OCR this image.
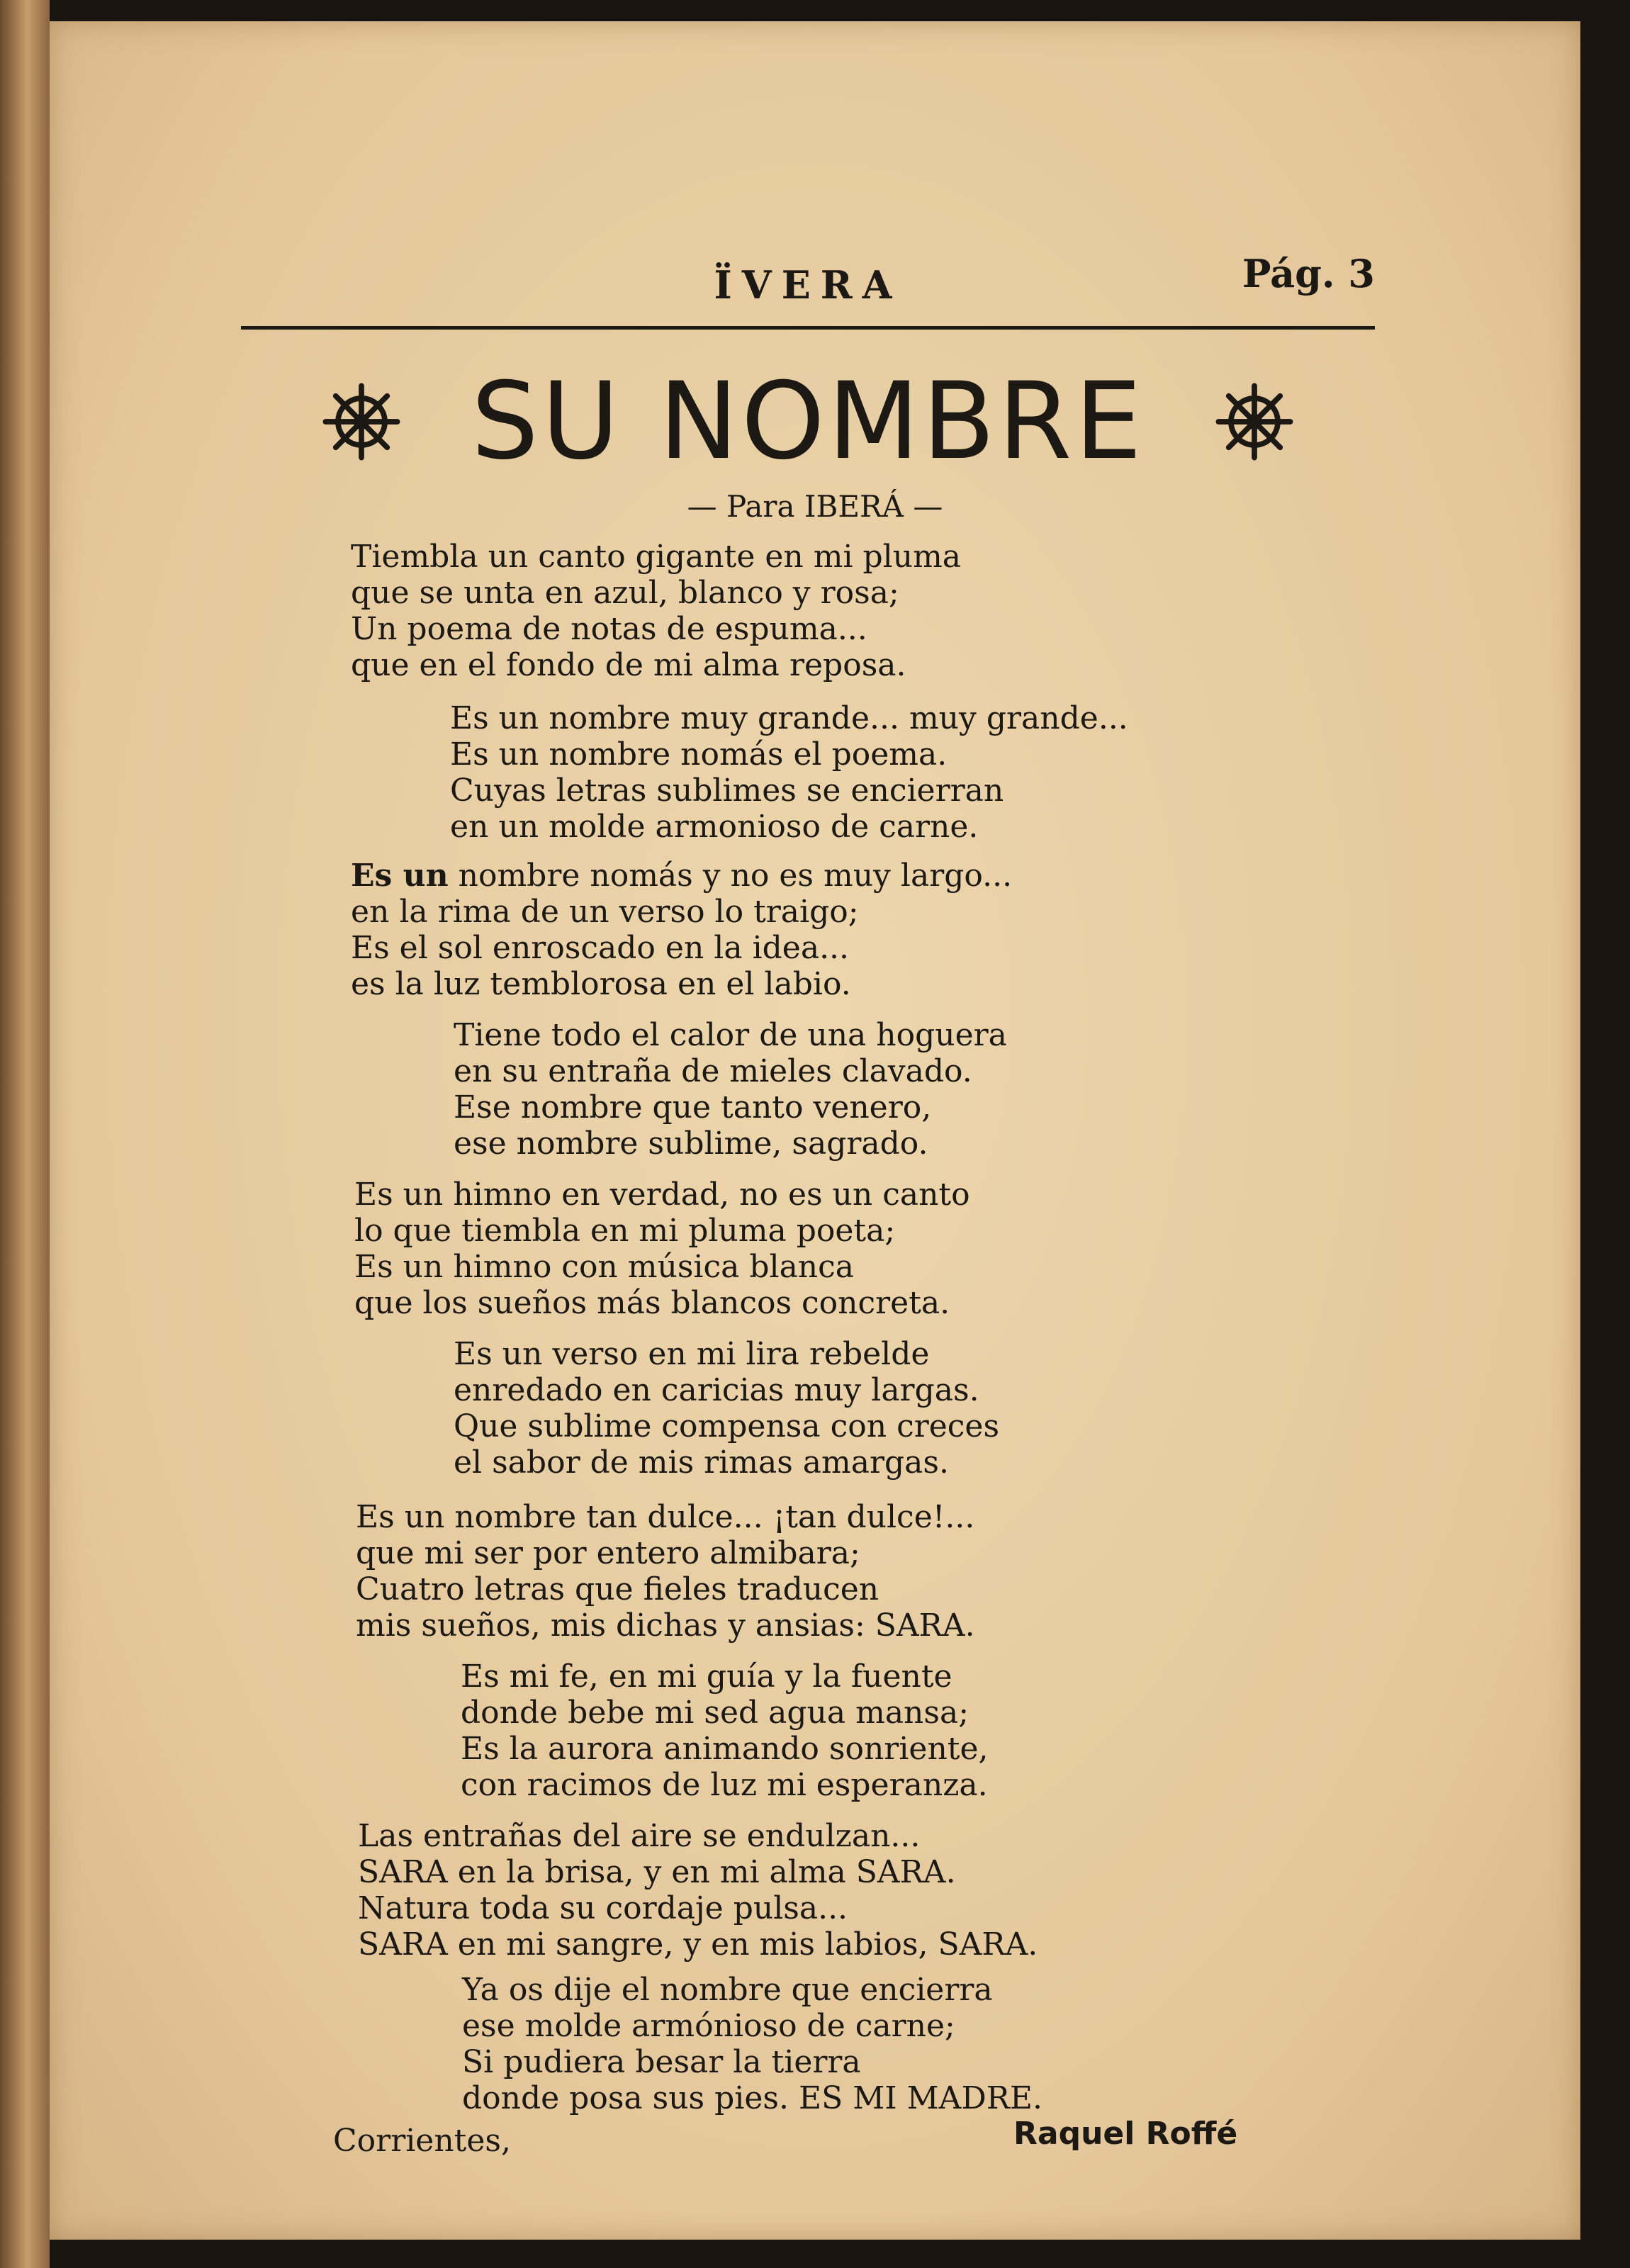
ÏVERA	Pág. 3
SU NOMBRE
— Para IBERÁ —
Tiembla un canto gigante en mi pluma
que se unta en azul, blanco y rosa;
Un poema de notas de espuma...
que en el fondo de mi alma reposa.
Es un nombre muy grande... muy grande...
Es un nombre nomás el poema.
Cuyas letras sublimes se encierran
en un molde armonioso de carne.
Es un nombre nomás y no es muy largo...
en la rima de un verso lo traigo;
Es el sol enroscado en la idea...
es la luz temblorosa en el labio.
Tiene todo el calor de una hoguera
en su entraña de mieles clavado.
Ese nombre que tanto venero,
ese nombre sublime, sagrado.
Es un himno en verdad, no es un canto
lo que tiembla en mi pluma poeta;
Es un himno con música blanca
que los sueños más blancos concreta.
Es un verso en mi lira rebelde
enredado en caricias muy largas.
Que sublime compensa con creces
el sabor de mis rimas amargas.
Es un nombre tan dulce... ¡tan dulce!...
que mi ser por entero almibara;
Cuatro letras que fieles traducen
mis sueños, mis dichas y ansias: SARA.
Es mi fe, en mi guía y la fuente
donde bebe mi sed agua mansa;
Es la aurora animando sonriente,
con racimos de luz mi esperanza.
Las entrañas del aire se endulzan...
SARA en la brisa, y en mi alma SARA.
Natura toda su cordaje pulsa...
SARA en mi sangre, y en mis labios, SARA.
Ya os dije el nombre que encierra
ese molde armónioso de carne;
Si pudiera besar la tierra
donde posa sus pies. ES MI MADRE.
Corrientes,	Raquel Roffé
